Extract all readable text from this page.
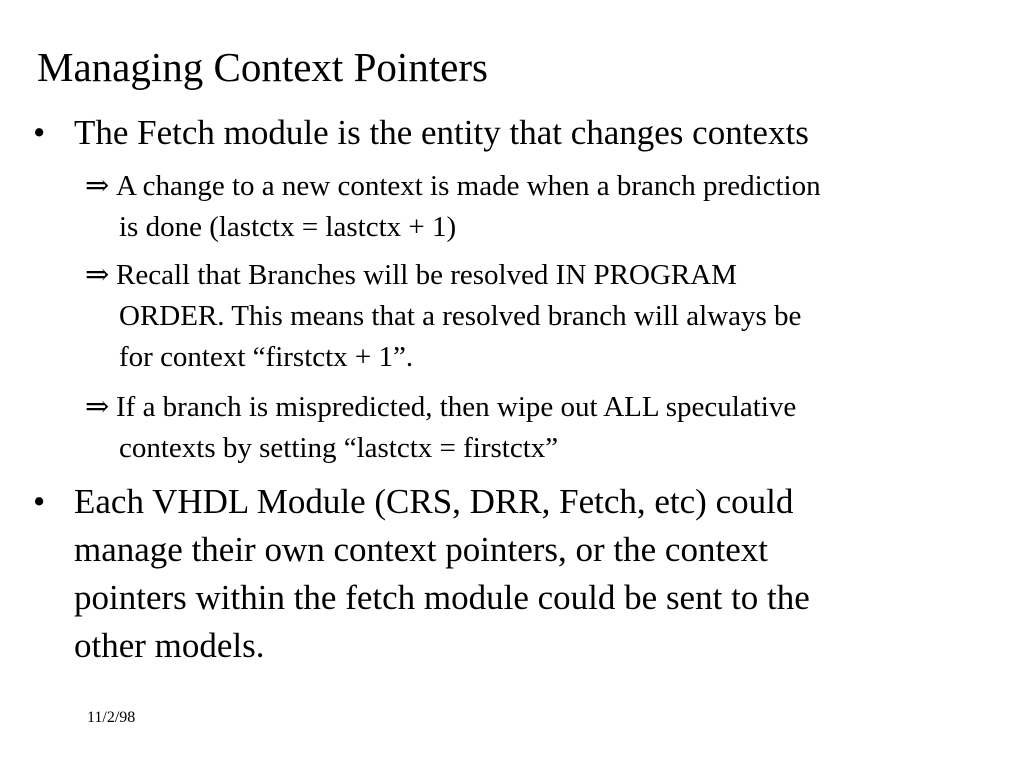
Managing Context Pointers
• The Fetch module is the entity that changes contexts
⇒ A change to a new context is made when a branch prediction
is done (lastctx = lastctx + 1)
⇒ Recall that Branches will be resolved IN PROGRAM
ORDER. This means that a resolved branch will always be
for context “firstctx + 1”.
⇒ If a branch is mispredicted, then wipe out ALL speculative
contexts by setting “lastctx = firstctx”
• Each VHDL Module (CRS, DRR, Fetch, etc) could
manage their own context pointers, or the context
pointers within the fetch module could be sent to the
other models.
11/2/98
